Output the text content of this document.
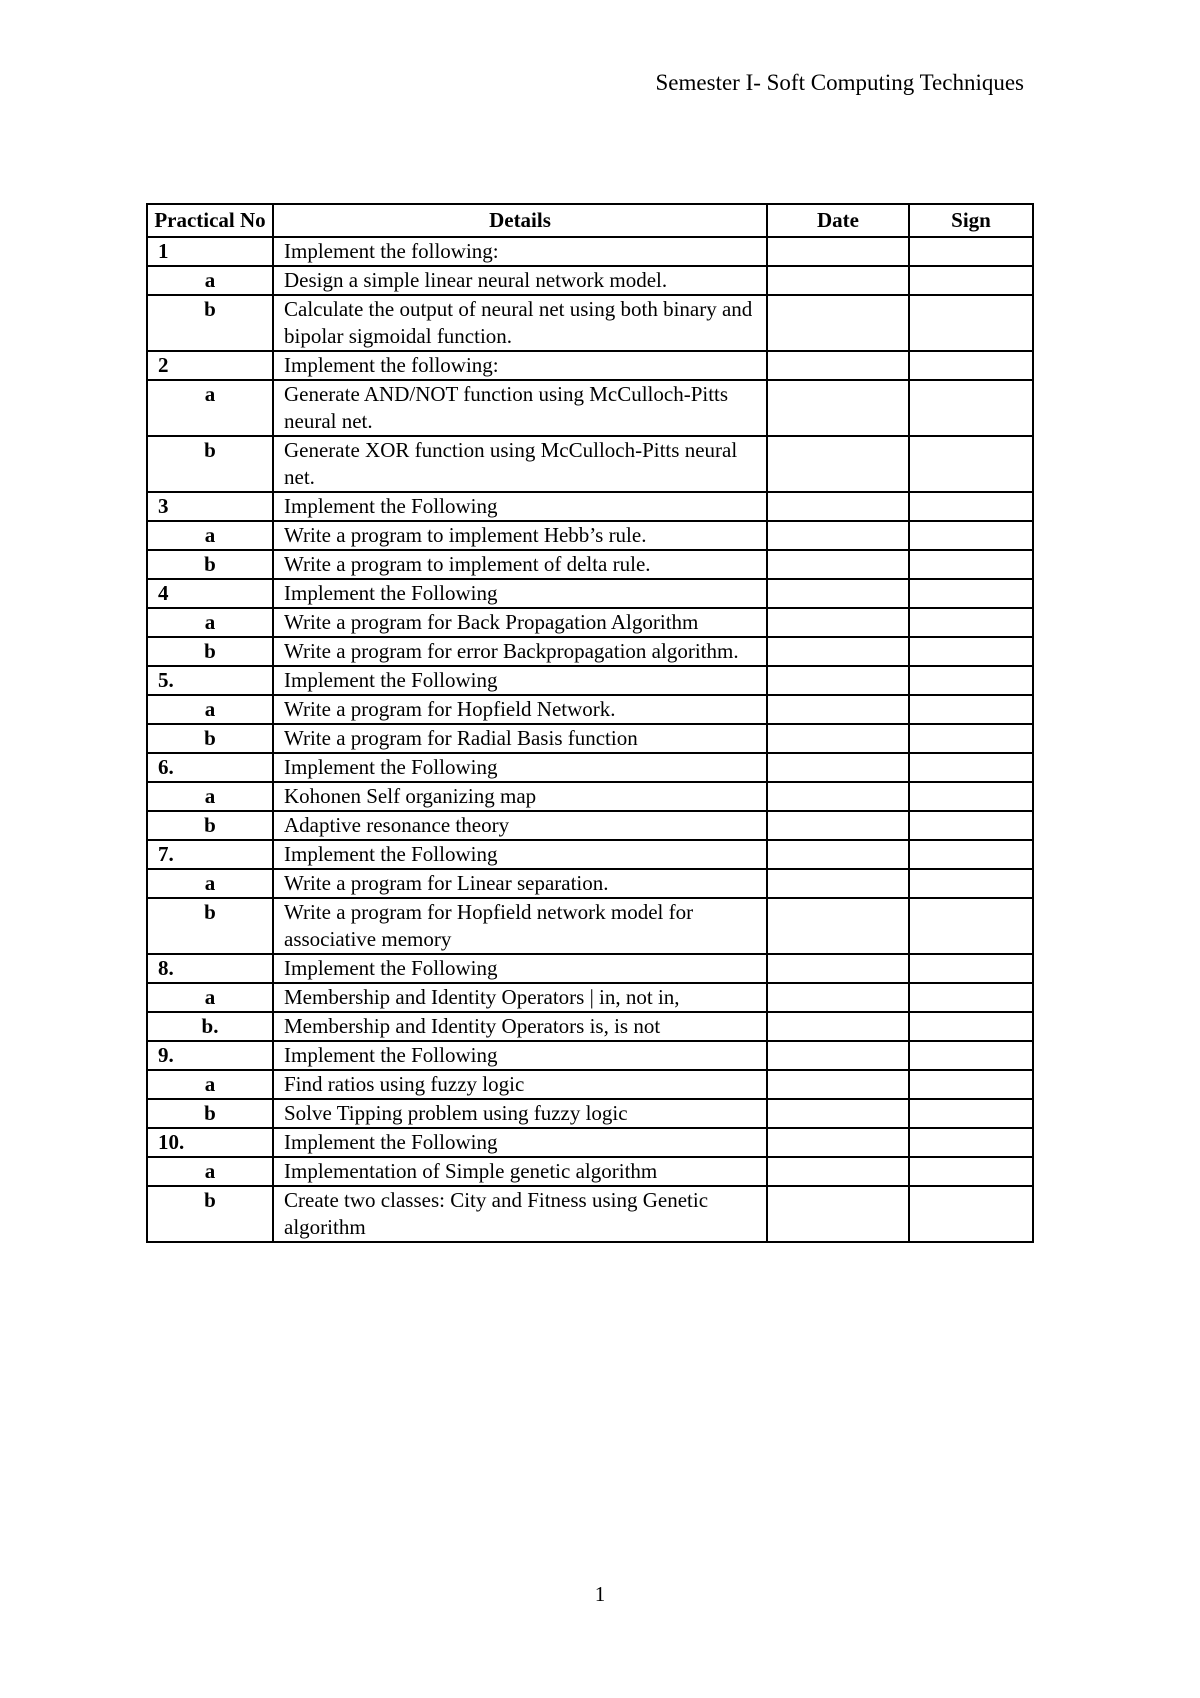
Semester I- Soft Computing Techniques
Practical No	Details	Date	Sign
1	Implement the following:		
a	Design a simple linear neural network model.		
b	Calculate the output of neural net using both binary and bipolar sigmoidal function.		
2	Implement the following:		
a	Generate AND/NOT function using McCulloch-Pitts neural net.		
b	Generate XOR function using McCulloch-Pitts neural net.		
3	Implement the Following		
a	Write a program to implement Hebb’s rule.		
b	Write a program to implement of delta rule.		
4	Implement the Following		
a	Write a program for Back Propagation Algorithm		
b	Write a program for error Backpropagation algorithm.		
5.	Implement the Following		
a	Write a program for Hopfield Network.		
b	Write a program for Radial Basis function		
6.	Implement the Following		
a	Kohonen Self organizing map		
b	Adaptive resonance theory		
7.	Implement the Following		
a	Write a program for Linear separation.		
b	Write a program for Hopfield network model for associative memory		
8.	Implement the Following		
a	Membership and Identity Operators | in, not in,		
b.	Membership and Identity Operators is, is not		
9.	Implement the Following		
a	Find ratios using fuzzy logic		
b	Solve Tipping problem using fuzzy logic		
10.	Implement the Following		
a	Implementation of Simple genetic algorithm		
b	Create two classes: City and Fitness using Genetic algorithm		
1
